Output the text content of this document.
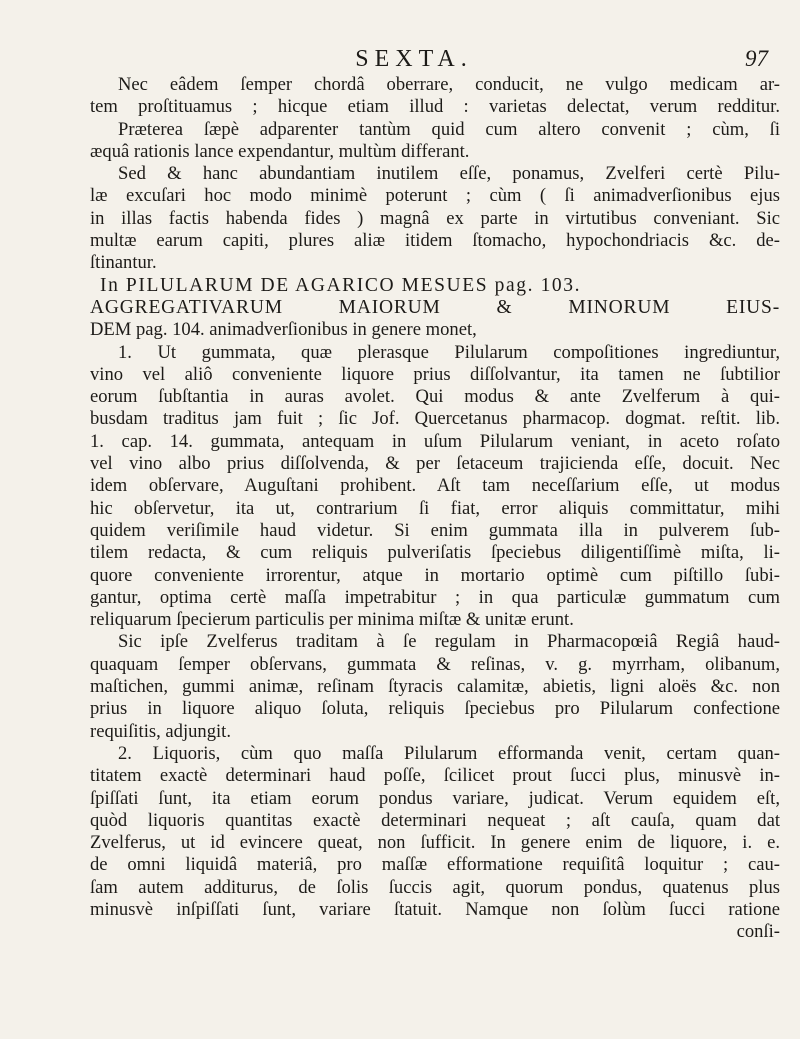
SEXTA.	97
Nec eâdem ſemper chordâ oberrare, conducit, ne vulgo medicam ar-
tem proſtituamus ; hicque etiam illud : varietas delectat, verum redditur.
Præterea ſæpè adparenter tantùm quid cum altero convenit ; cùm, ſi
æquâ rationis lance expendantur, multùm differant.
Sed & hanc abundantiam inutilem eſſe, ponamus, Zvelferi certè Pilu-
læ excuſari hoc modo minimè poterunt ; cùm ( ſi animadverſionibus ejus
in illas factis habenda fides ) magnâ ex parte in virtutibus conveniant. Sic
multæ earum capiti, plures aliæ itidem ſtomacho, hypochondriacis &c. de-
ſtinantur.
In PILULARUM DE AGARICO MESUES pag. 103.
AGGREGATIVARUM MAIORUM & MINORUM EIUS-
DEM pag. 104. animadverſionibus in genere monet,
1. Ut gummata, quæ plerasque Pilularum compoſitiones ingrediuntur,
vino vel aliô conveniente liquore prius diſſolvantur, ita tamen ne ſubtilior
eorum ſubſtantia in auras avolet. Qui modus & ante Zvelferum à qui-
busdam traditus jam fuit ; ſic Jof. Quercetanus pharmacop. dogmat. reſtit. lib.
1. cap. 14. gummata, antequam in uſum Pilularum veniant, in aceto roſato
vel vino albo prius diſſolvenda, & per ſetaceum trajicienda eſſe, docuit. Nec
idem obſervare, Auguſtani prohibent. Aſt tam neceſſarium eſſe, ut modus
hic obſervetur, ita ut, contrarium ſi fiat, error aliquis committatur, mihi
quidem veriſimile haud videtur. Si enim gummata illa in pulverem ſub-
tilem redacta, & cum reliquis pulveriſatis ſpeciebus diligentiſſimè miſta, li-
quore conveniente irrorentur, atque in mortario optimè cum piſtillo ſubi-
gantur, optima certè maſſa impetrabitur ; in qua particulæ gummatum cum
reliquarum ſpecierum particulis per minima miſtæ & unitæ erunt.
Sic ipſe Zvelferus traditam à ſe regulam in Pharmacopœiâ Regiâ haud-
quaquam ſemper obſervans, gummata & reſinas, v. g. myrrham, olibanum,
maſtichen, gummi animæ, reſinam ſtyracis calamitæ, abietis, ligni aloës &c. non
prius in liquore aliquo ſoluta, reliquis ſpeciebus pro Pilularum confectione
requiſitis, adjungit.
2. Liquoris, cùm quo maſſa Pilularum efformanda venit, certam quan-
titatem exactè determinari haud poſſe, ſcilicet prout ſucci plus, minusvè in-
ſpiſſati ſunt, ita etiam eorum pondus variare, judicat. Verum equidem eſt,
quòd liquoris quantitas exactè determinari nequeat ; aſt cauſa, quam dat
Zvelferus, ut id evincere queat, non ſufficit. In genere enim de liquore, i. e.
de omni liquidâ materiâ, pro maſſæ efformatione requiſitâ loquitur ; cau-
ſam autem additurus, de ſolis ſuccis agit, quorum pondus, quatenus plus
minusvè inſpiſſati ſunt, variare ſtatuit. Namque non ſolùm ſucci ratione
conſi-
